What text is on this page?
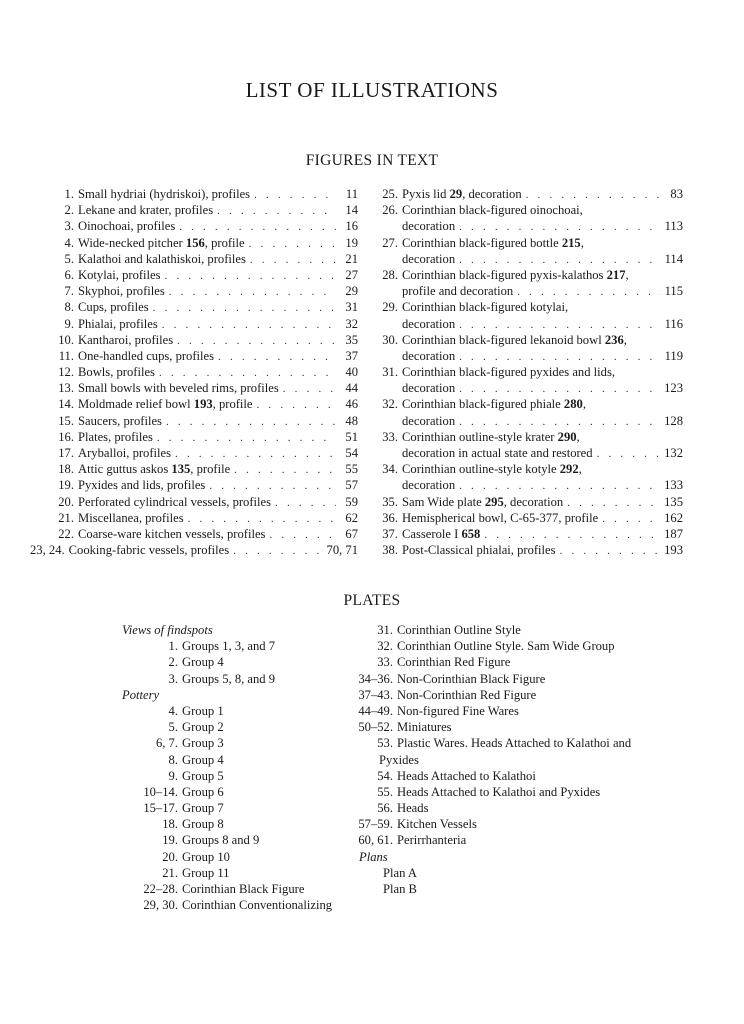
LIST OF ILLUSTRATIONS
FIGURES IN TEXT
1. Small hydriai (hydriskoi), profiles . . .	11
2. Lekane and krater, profiles . . .	14
3. Oinochoai, profiles . . .	16
4. Wide-necked pitcher 156, profile . . .	19
5. Kalathoi and kalathiskoi, profiles . . .	21
6. Kotylai, profiles . . .	27
7. Skyphoi, profiles . . .	29
8. Cups, profiles . . .	31
9. Phialai, profiles . . .	32
10. Kantharoi, profiles . . .	35
11. One-handled cups, profiles . . .	37
12. Bowls, profiles . . .	40
13. Small bowls with beveled rims, profiles . . .	44
14. Moldmade relief bowl 193, profile . . .	46
15. Saucers, profiles . . .	48
16. Plates, profiles . . .	51
17. Aryballoi, profiles . . .	54
18. Attic guttus askos 135, profile . . .	55
19. Pyxides and lids, profiles . . .	57
20. Perforated cylindrical vessels, profiles . . .	59
21. Miscellanea, profiles . . .	62
22. Coarse-ware kitchen vessels, profiles . . .	67
23, 24. Cooking-fabric vessels, profiles . . .	70, 71
25. Pyxis lid 29, decoration . . .	83
26. Corinthian black-figured oinochoai,
decoration . . .	113
27. Corinthian black-figured bottle 215,
decoration . . .	114
28. Corinthian black-figured pyxis-kalathos 217,
profile and decoration . . .	115
29. Corinthian black-figured kotylai,
decoration . . .	116
30. Corinthian black-figured lekanoid bowl 236,
decoration . . .	119
31. Corinthian black-figured pyxides and lids,
decoration . . .	123
32. Corinthian black-figured phiale 280,
decoration . . .	128
33. Corinthian outline-style krater 290,
decoration in actual state and restored . . .	132
34. Corinthian outline-style kotyle 292,
decoration . . .	133
35. Sam Wide plate 295, decoration . . .	135
36. Hemispherical bowl, C-65-377, profile . . .	162
37. Casserole I 658 . . .	187
38. Post-Classical phialai, profiles . . .	193
PLATES
Views of findspots
1. Groups 1, 3, and 7
2. Group 4
3. Groups 5, 8, and 9
Pottery
4. Group 1
5. Group 2
6, 7. Group 3
8. Group 4
9. Group 5
10–14. Group 6
15–17. Group 7
18. Group 8
19. Groups 8 and 9
20. Group 10
21. Group 11
22–28. Corinthian Black Figure
29, 30. Corinthian Conventionalizing
31. Corinthian Outline Style
32. Corinthian Outline Style. Sam Wide Group
33. Corinthian Red Figure
34–36. Non-Corinthian Black Figure
37–43. Non-Corinthian Red Figure
44–49. Non-figured Fine Wares
50–52. Miniatures
53. Plastic Wares. Heads Attached to Kalathoi and
Pyxides
54. Heads Attached to Kalathoi
55. Heads Attached to Kalathoi and Pyxides
56. Heads
57–59. Kitchen Vessels
60, 61. Perirrhanteria
Plans
Plan A
Plan B
